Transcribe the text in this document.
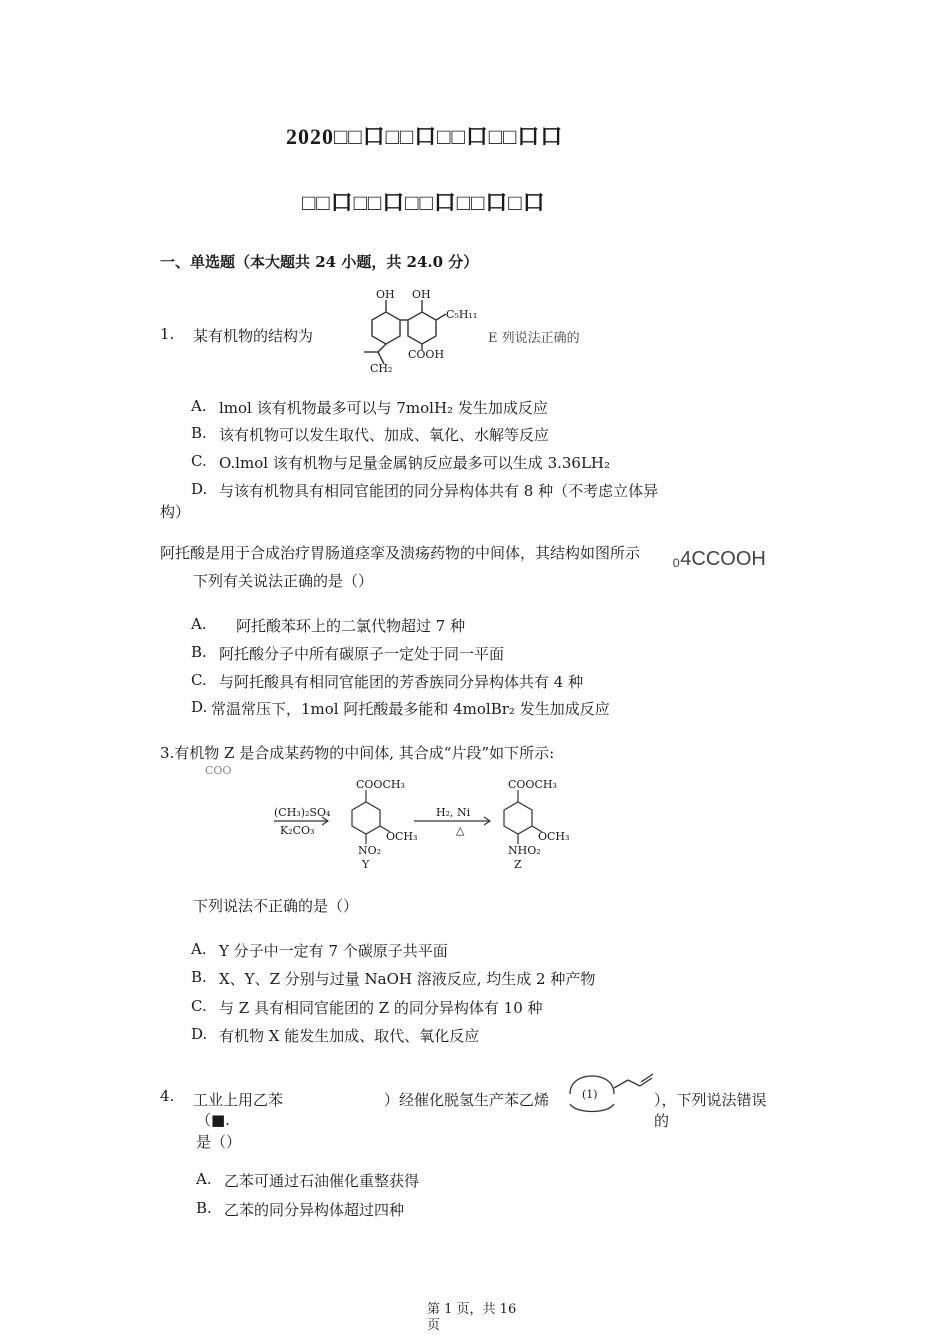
2020□□口□□口□□口□□口口
□□口□□口□□口□□口□口
一、单选题（本大题共 24 小题，共 24.0 分）
1. 某有机物的结构为
OH OH
C₅H₁₁
COOH
CH₂
E 列说法正确的
A. lmol 该有机物最多可以与 7molH₂ 发生加成反应
B. 该有机物可以发生取代、加成、氧化、水解等反应
C. O.lmol 该有机物与足量金属钠反应最多可以生成 3.36LH₂
D. 与该有机物具有相同官能团的同分异构体共有 8 种（不考虑立体异
构）
阿托酸是用于合成治疗胃肠道痉挛及溃疡药物的中间体，其结构如图所示 ₀4CCOOH
下列有关说法正确的是（）
A. 阿托酸苯环上的二氯代物超过 7 种
B. 阿托酸分子中所有碳原子一定处于同一平面
C. 与阿托酸具有相同官能团的芳香族同分异构体共有 4 种
D. 常温常压下，1mol 阿托酸最多能和 4molBr₂ 发生加成反应
3.有机物 Z 是合成某药物的中间体, 其合成“片段”如下所示:
COO
(CH₃)₂SO₄
K₂CO₃
COOCH₃
OCH₃
NO₂
Y
H₂, Ni
△
COOCH₃
OCH₃
NHO₂
Z
下列说法不正确的是（）
A. Y 分子中一定有 7 个碳原子共平面
B. X、Y、Z 分别与过量 NaOH 溶液反应, 均生成 2 种产物
C. 与 Z 具有相同官能团的 Z 的同分异构体有 10 种
D. 有机物 X 能发生加成、取代、氧化反应
4. 工业上用乙苯	）经催化脱氢生产苯乙烯	(1)	），下列说法错误
（■.	的
是（）
A. 乙苯可通过石油催化重整获得
B. 乙苯的同分异构体超过四种
第 1 页，共 16
页
